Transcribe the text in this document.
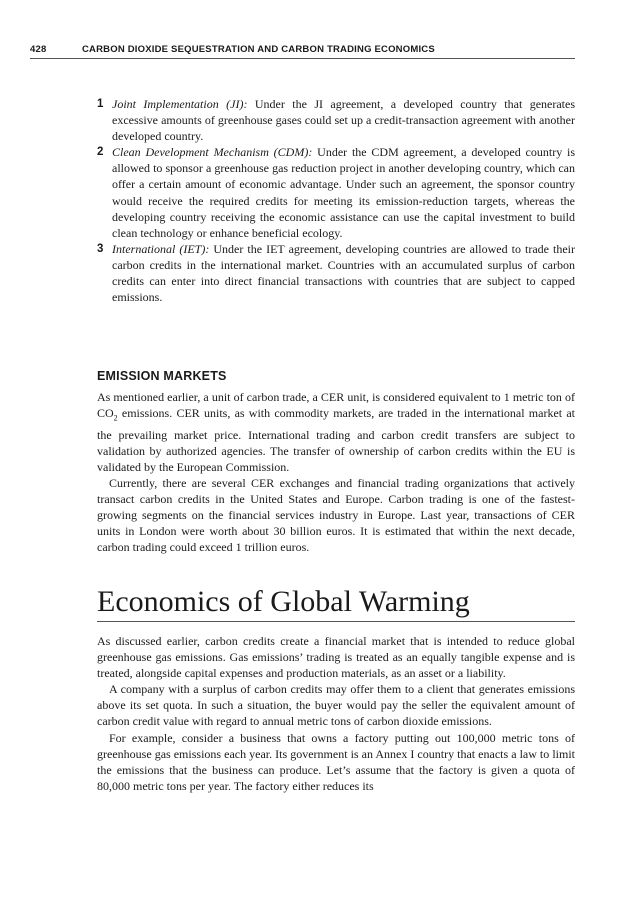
428	CARBON DIOXIDE SEQUESTRATION AND CARBON TRADING ECONOMICS

1 Joint Implementation (JI): Under the JI agreement, a developed country that generates excessive amounts of greenhouse gases could set up a credit-transaction agreement with another developed country.

2 Clean Development Mechanism (CDM): Under the CDM agreement, a developed country is allowed to sponsor a greenhouse gas reduction project in another developing country, which can offer a certain amount of economic advantage. Under such an agreement, the sponsor country would receive the required credits for meeting its emission-reduction targets, whereas the developing country receiving the economic assistance can use the capital investment to build clean technology or enhance beneficial ecology.

3 International (IET): Under the IET agreement, developing countries are allowed to trade their carbon credits in the international market. Countries with an accumulated surplus of carbon credits can enter into direct financial transactions with countries that are subject to capped emissions.

EMISSION MARKETS

As mentioned earlier, a unit of carbon trade, a CER unit, is considered equivalent to 1 metric ton of $CO_2$ emissions. CER units, as with commodity markets, are traded in the international market at the prevailing market price. International trading and carbon credit transfers are subject to validation by authorized agencies. The transfer of ownership of carbon credits within the EU is validated by the European Commission.

Currently, there are several CER exchanges and financial trading organizations that actively transact carbon credits in the United States and Europe. Carbon trading is one of the fastest-growing segments on the financial services industry in Europe. Last year, transactions of CER units in London were worth about 30 billion euros. It is estimated that within the next decade, carbon trading could exceed 1 trillion euros.

Economics of Global Warming

As discussed earlier, carbon credits create a financial market that is intended to reduce global greenhouse gas emissions. Gas emissions’ trading is treated as an equally tangible expense and is treated, alongside capital expenses and production materials, as an asset or a liability.

A company with a surplus of carbon credits may offer them to a client that generates emissions above its set quota. In such a situation, the buyer would pay the seller the equivalent amount of carbon credit value with regard to annual metric tons of carbon dioxide emissions.

For example, consider a business that owns a factory putting out 100,000 metric tons of greenhouse gas emissions each year. Its government is an Annex I country that enacts a law to limit the emissions that the business can produce. Let’s assume that the factory is given a quota of 80,000 metric tons per year. The factory either reduces its
